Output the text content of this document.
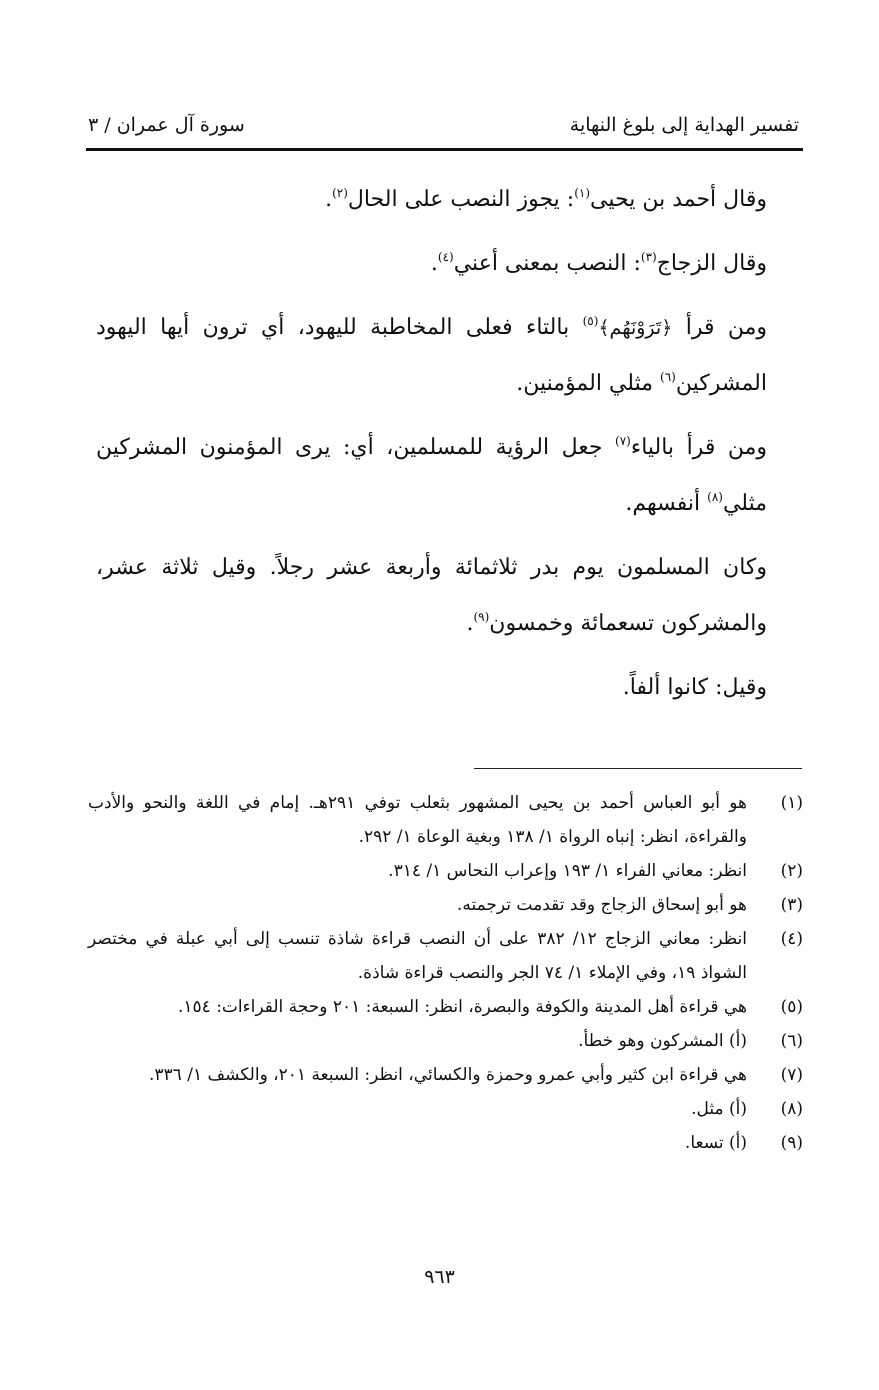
تفسير الهداية إلى بلوغ النهاية
سورة آل عمران / ٣

وقال أحمد بن يحيى$^{(١)}$: يجوز النصب على الحال$^{(٢)}$.

وقال الزجاج$^{(٣)}$: النصب بمعنى أعني$^{(٤)}$.

ومن قرأ ﴿تَرَوْنَهُم﴾$^{(٥)}$ بالتاء فعلى المخاطبة لليهود، أي ترون أيها اليهود المشركين$^{(٦)}$ مثلي المؤمنين.

ومن قرأ بالياء$^{(٧)}$ جعل الرؤية للمسلمين، أي: يرى المؤمنون المشركين مثلي$^{(٨)}$ أنفسهم.

وكان المسلمون يوم بدر ثلاثمائة وأربعة عشر رجلاً. وقيل ثلاثة عشر، والمشركون تسعمائة وخمسون$^{(٩)}$.

وقيل: كانوا ألفاً.

(١)
هو أبو العباس أحمد بن يحيى المشهور بثعلب توفي ٢٩١هـ. إمام في اللغة والنحو والأدب والقراءة، انظر: إنباه الرواة ١/ ١٣٨ وبغية الوعاة ١/ ٢٩٢.
(٢)
انظر: معاني الفراء ١/ ١٩٣ وإعراب النحاس ١/ ٣١٤.
(٣)
هو أبو إسحاق الزجاج وقد تقدمت ترجمته.
(٤)
انظر: معاني الزجاج ١٢/ ٣٨٢ على أن النصب قراءة شاذة تنسب إلى أبي عبلة في مختصر الشواذ ١٩، وفي الإملاء ١/ ٧٤ الجر والنصب قراءة شاذة.
(٥)
هي قراءة أهل المدينة والكوفة والبصرة، انظر: السبعة: ٢٠١ وحجة القراءات: ١٥٤.
(٦)
(أ) المشركون وهو خطأ.
(٧)
هي قراءة ابن كثير وأبي عمرو وحمزة والكسائي، انظر: السبعة ٢٠١، والكشف ١/ ٣٣٦.
(٨)
(أ) مثل.
(٩)
(أ) تسعا.
٩٦٣
